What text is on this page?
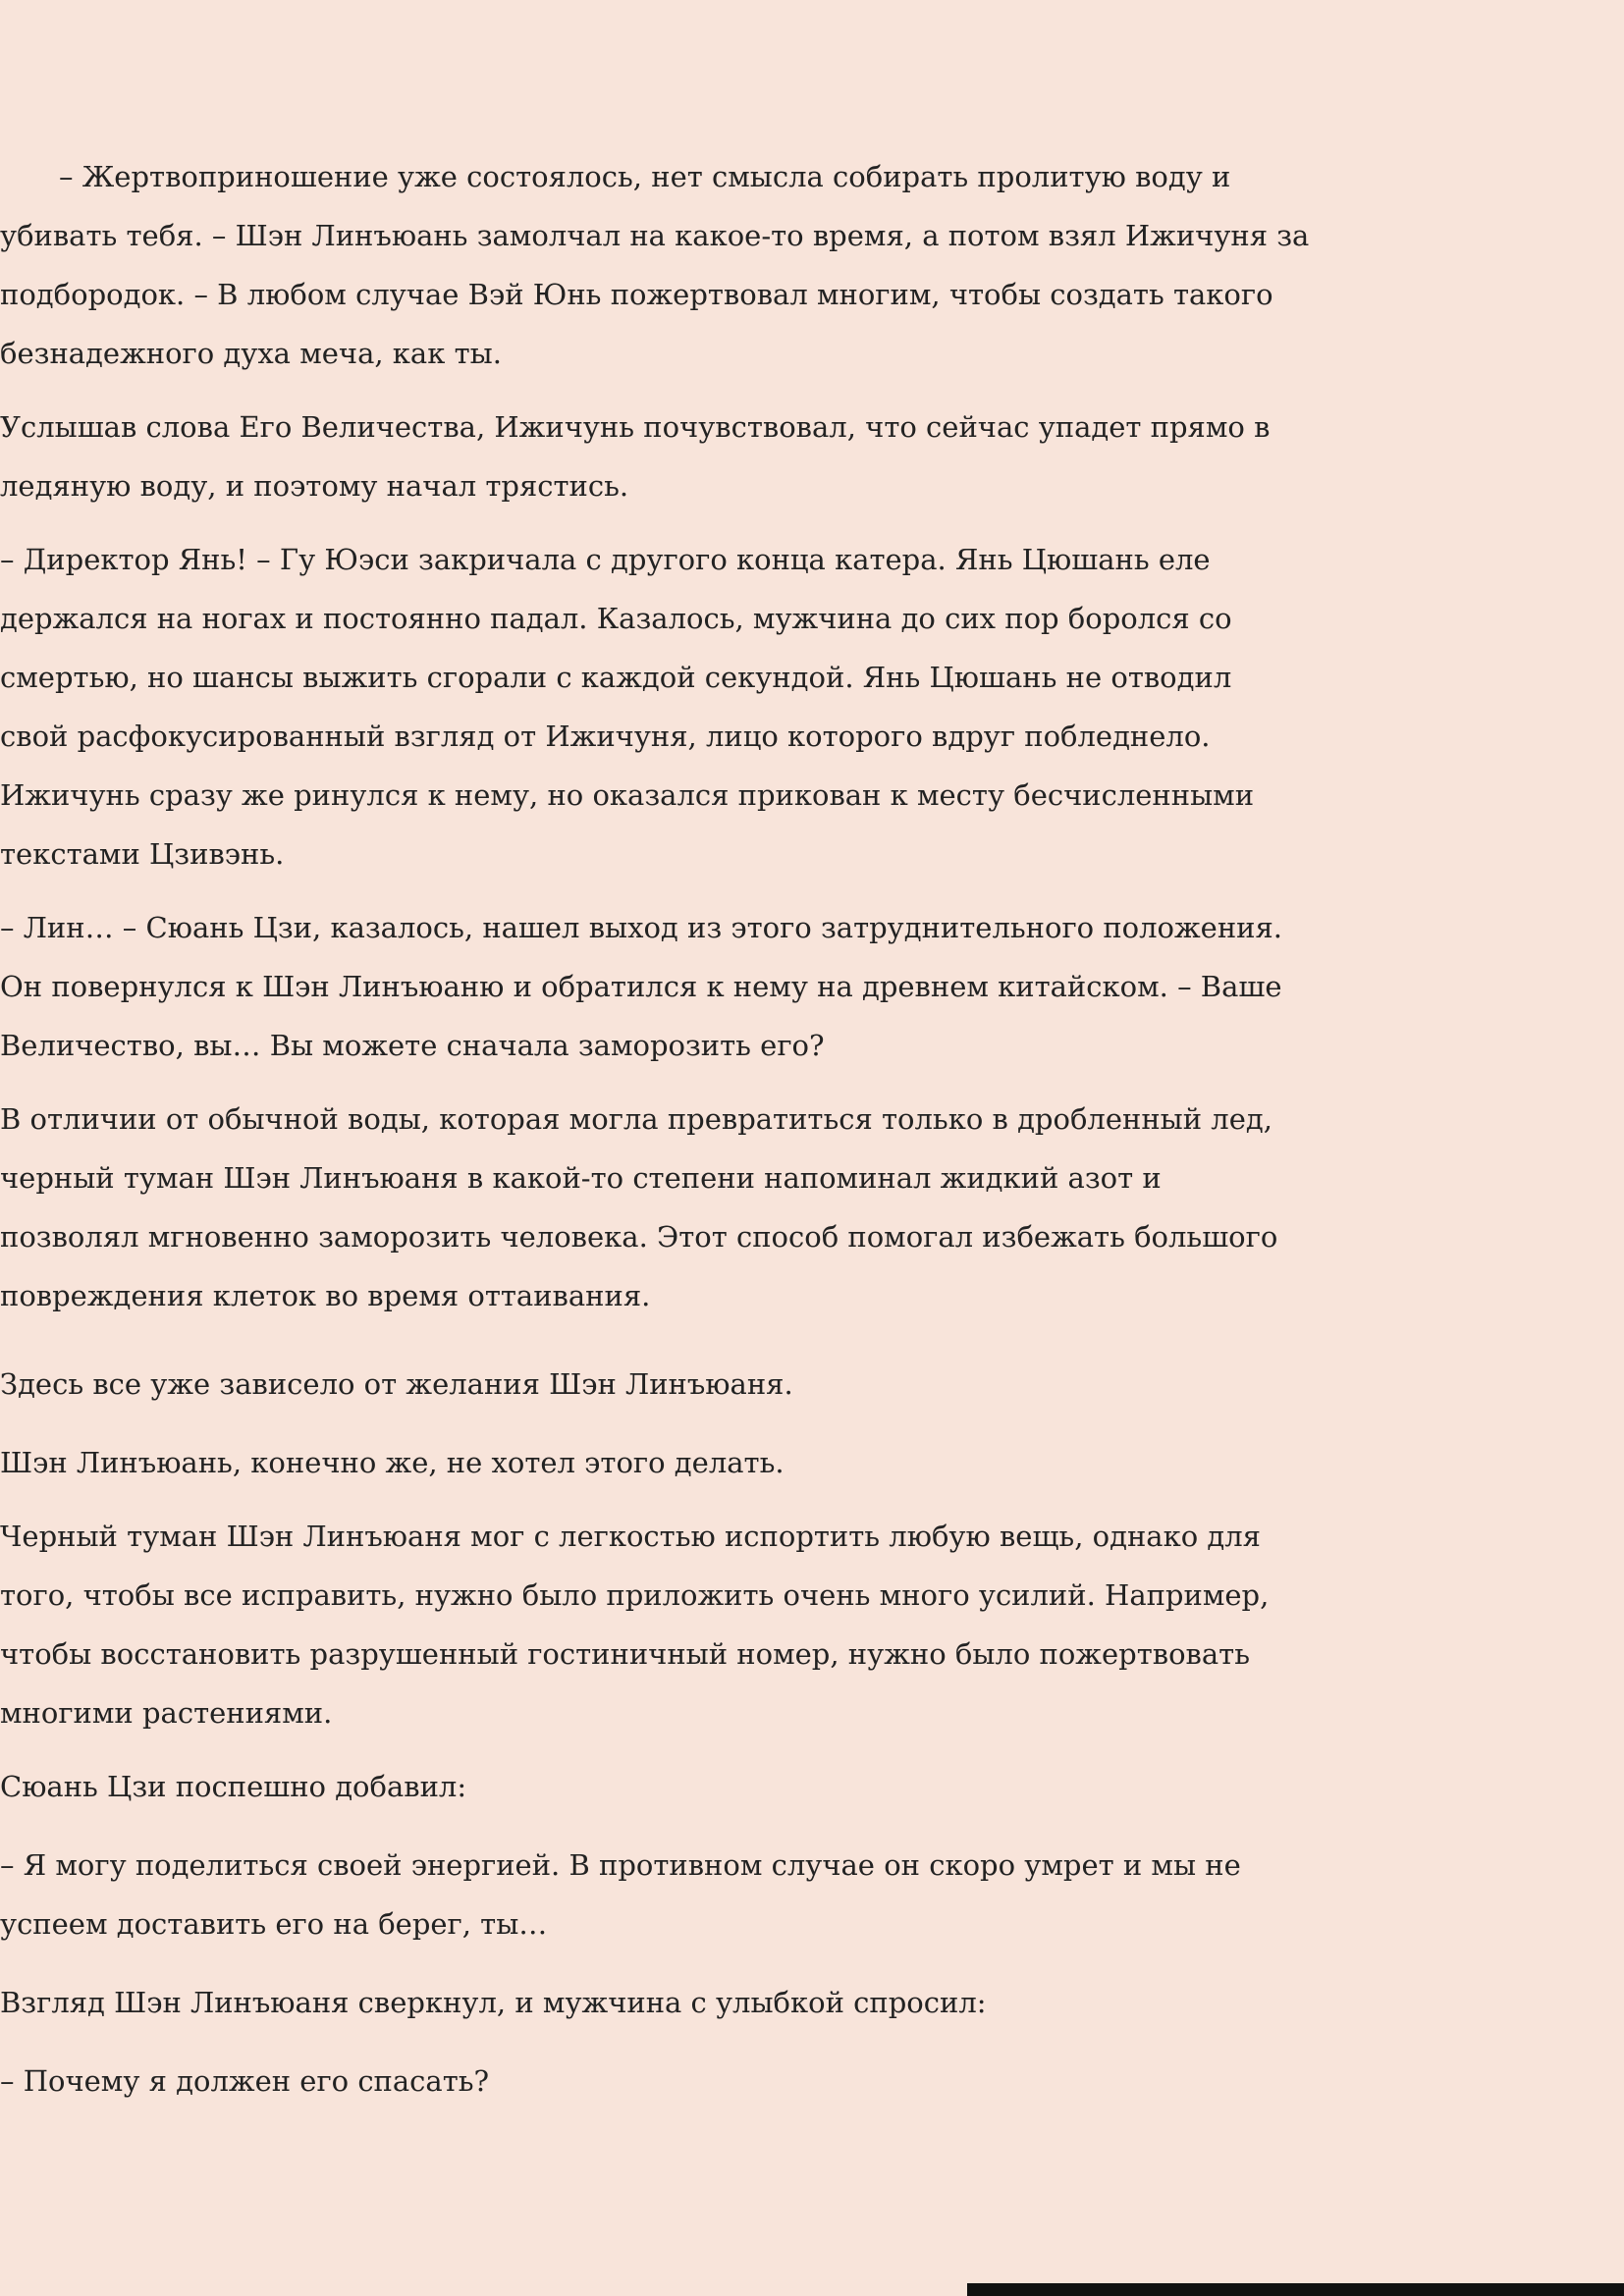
– Жертвоприношение уже состоялось, нет смысла собирать пролитую воду и
убивать тебя. – Шэн Линъюань замолчал на какое-то время, а потом взял Ижичуня за
подбородок. – В любом случае Вэй Юнь пожертвовал многим, чтобы создать такого
безнадежного духа меча, как ты.
Услышав слова Его Величества, Ижичунь почувствовал, что сейчас упадет прямо в
ледяную воду, и поэтому начал трястись.
– Директор Янь! – Гу Юэси закричала с другого конца катера. Янь Цюшань еле
держался на ногах и постоянно падал. Казалось, мужчина до сих пор боролся со
смертью, но шансы выжить сгорали с каждой секундой. Янь Цюшань не отводил
свой расфокусированный взгляд от Ижичуня, лицо которого вдруг побледнело.
Ижичунь сразу же ринулся к нему, но оказался прикован к месту бесчисленными
текстами Цзивэнь.
– Лин… – Сюань Цзи, казалось, нашел выход из этого затруднительного положения.
Он повернулся к Шэн Линъюаню и обратился к нему на древнем китайском. – Ваше
Величество, вы… Вы можете сначала заморозить его?
В отличии от обычной воды, которая могла превратиться только в дробленный лед,
черный туман Шэн Линъюаня в какой-то степени напоминал жидкий азот и
позволял мгновенно заморозить человека. Этот способ помогал избежать большого
повреждения клеток во время оттаивания.
Здесь все уже зависело от желания Шэн Линъюаня.
Шэн Линъюань, конечно же, не хотел этого делать.
Черный туман Шэн Линъюаня мог с легкостью испортить любую вещь, однако для
того, чтобы все исправить, нужно было приложить очень много усилий. Например,
чтобы восстановить разрушенный гостиничный номер, нужно было пожертвовать
многими растениями.
Сюань Цзи поспешно добавил:
– Я могу поделиться своей энергией. В противном случае он скоро умрет и мы не
успеем доставить его на берег, ты…
Взгляд Шэн Линъюаня сверкнул, и мужчина с улыбкой спросил:
– Почему я должен его спасать?
